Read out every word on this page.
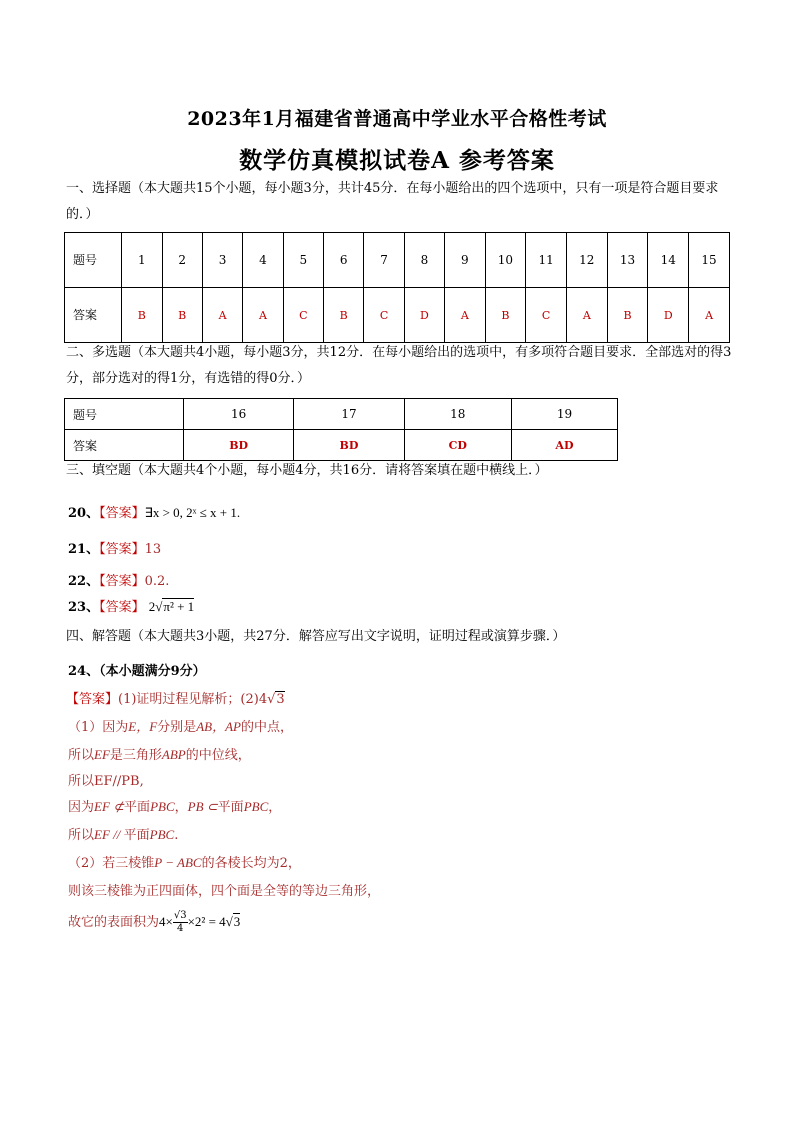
2023年1月福建省普通高中学业水平合格性考试
数学仿真模拟试卷A 参考答案
一、选择题（本大题共15个小题，每小题3分，共计45分．在每小题给出的四个选项中，只有一项是符合题目要求的．）
题号	1	2	3	4	5	6	7	8	9	10	11	12	13	14	15
答案	B	B	A	A	C	B	C	D	A	B	C	A	B	D	A
二、多选题（本大题共4小题，每小题3分，共12分．在每小题给出的选项中，有多项符合题目要求．全部选对的得3分，部分选对的得1分，有选错的得0分．）
题号	16	17	18	19
答案	BD	BD	CD	AD
三、填空题（本大题共4个小题，每小题4分，共16分．请将答案填在题中横线上．）
20、【答案】∃x > 0, 2ˣ ≤ x + 1.
21、【答案】13
22、【答案】0.2.
23、【答案】 2√π² + 1
四、解答题（本大题共3小题，共27分．解答应写出文字说明，证明过程或演算步骤．）
24、（本小题满分9分）
【答案】(1)证明过程见解析；(2)4√3
（1）因为E，F分别是AB，AP的中点，
所以EF是三角形ABP的中位线，
所以EF//PB,
因为EF ⊄平面PBC，PB ⊂平面PBC，
所以EF // 平面PBC.
（2）若三棱锥P − ABC的各棱长均为2，
则该三棱锥为正四面体，四个面是全等的等边三角形，
故它的表面积为$4\times \frac{√3}{4} \times 2^2 = 4√3$
